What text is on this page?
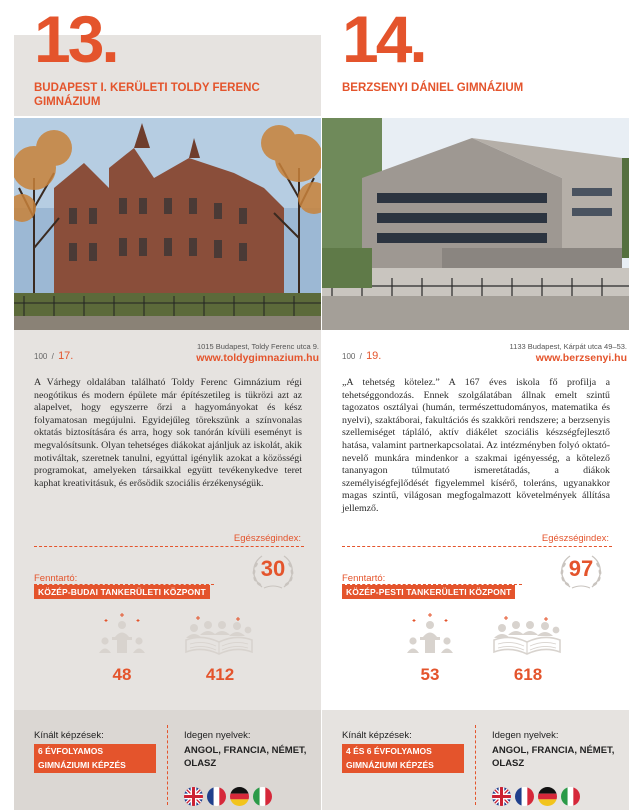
13.
BUDAPEST I. KERÜLETI TOLDY FERENC GIMNÁZIUM
100 / 17.
1015 Budapest, Toldy Ferenc utca 9.
www.toldygimnazium.hu

A Várhegy oldalában található Toldy Ferenc Gimnázium régi neogótikus és modern épülete már építészetileg is tükrözi azt az alapelvet, hogy egyszerre őrzi a hagyományokat és kész folyamatosan megújulni. Egyidejűleg törekszünk a színvonalas oktatás biztosítására és arra, hogy sok tanórán kívüli eseményt is megvalósítsunk. Olyan tehetséges diákokat ajánljuk az iskolát, akik motiváltak, szeretnek tanulni, egyúttal igénylik azokat a közösségi programokat, amelyeken társaikkal együtt tevékenykedve teret kaphat kreativitásuk, és erősödik szociális érzékenységük.

Egészségindex:
30
Fenntartó:
KÖZÉP-BUDAI TANKERÜLETI KÖZPONT
48	412
Kínált képzések:
6 ÉVFOLYAMOS
GIMNÁZIUMI KÉPZÉS
Idegen nyelvek:
ANGOL, FRANCIA, NÉMET,
OLASZ
14.
BERZSENYI DÁNIEL GIMNÁZIUM
100 / 19.
1133 Budapest, Kárpát utca 49–53.
www.berzsenyi.hu

„A tehetség kötelez.” A 167 éves iskola fő profilja a tehetséggondozás. Ennek szolgálatában állnak emelt szintű tagozatos osztályai (humán, természettudományos, matematika és nyelvi), szaktáborai, fakultációs és szakköri rendszere; a berzsenyis szellemiséget tápláló, aktív diákélet szociális készségfejlesztő hatása, valamint partnerkapcsolatai. Az intézményben folyó oktató-nevelő munkára mindenkor a szakmai igényesség, a kötelező tananyagon túlmutató ismeretátadás, a diákok személyiségfejlődését figyelemmel kísérő, toleráns, ugyanakkor magas szintű, világosan megfogalmazott követelmények állítása jellemző.

Egészségindex:
97
Fenntartó:
KÖZÉP-PESTI TANKERÜLETI KÖZPONT
53	618
Kínált képzések:
4 ÉS 6 ÉVFOLYAMOS
GIMNÁZIUMI KÉPZÉS
Idegen nyelvek:
ANGOL, FRANCIA, NÉMET,
OLASZ
